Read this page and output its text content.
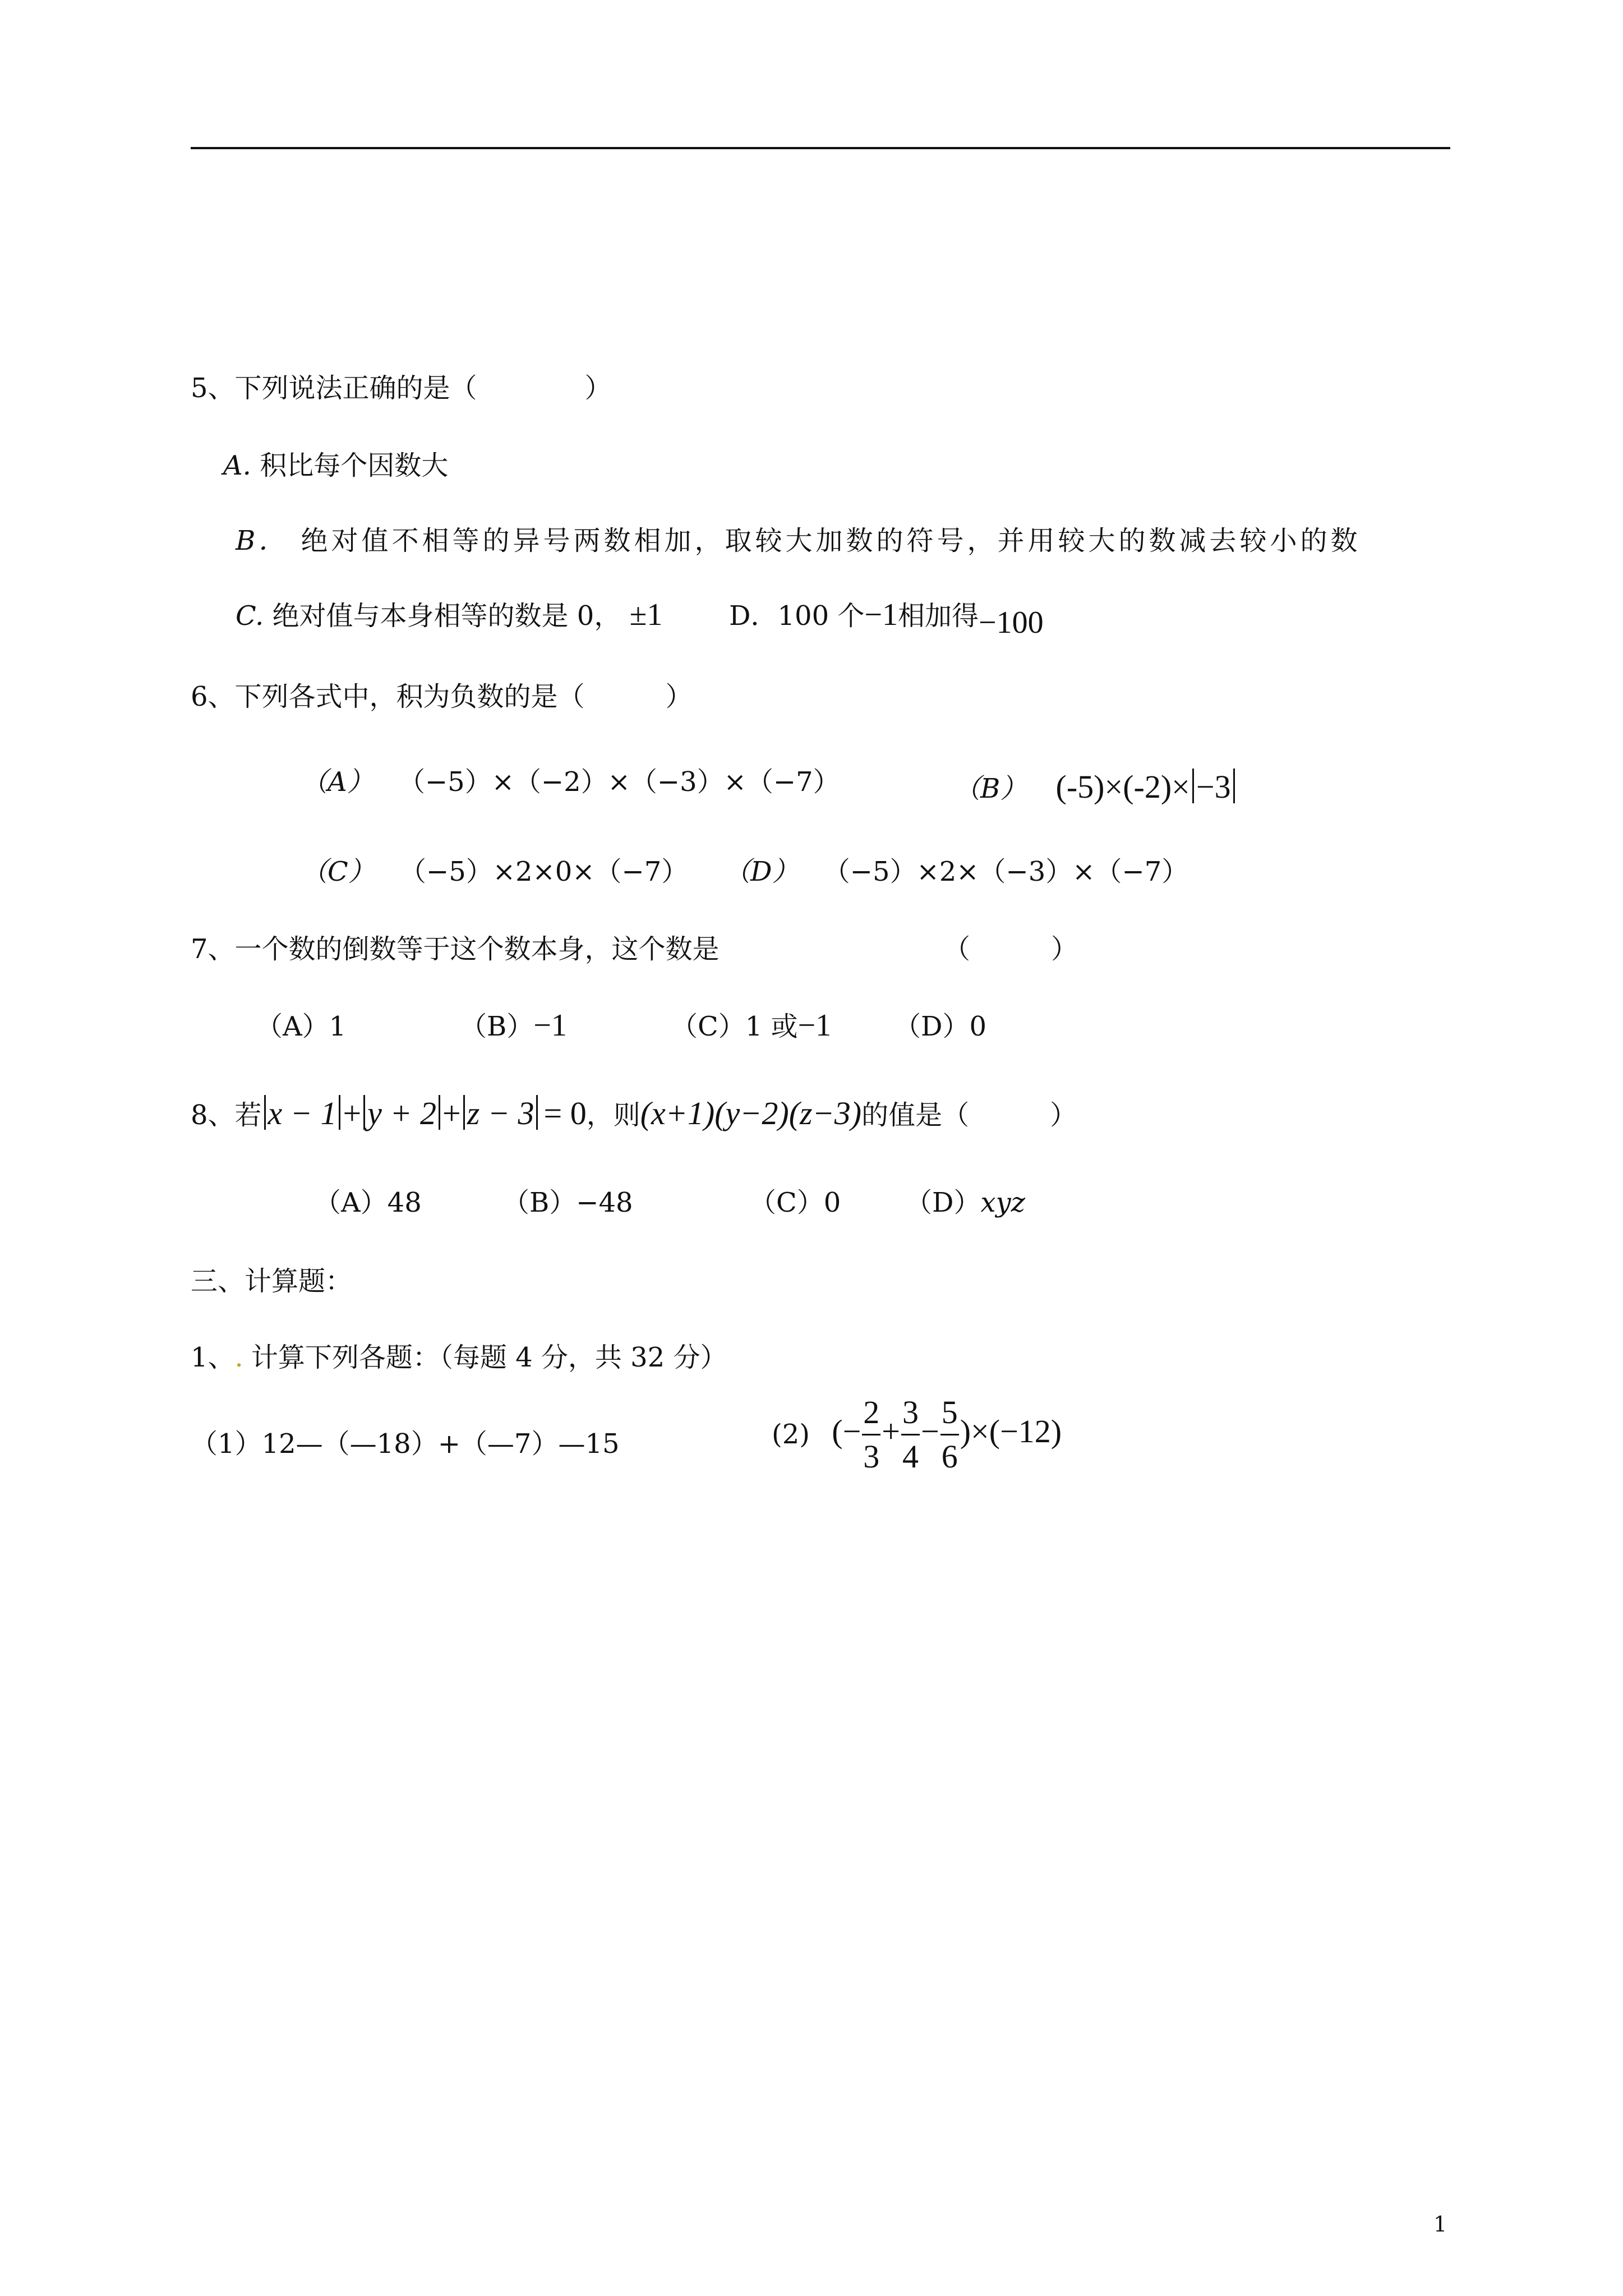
5、下列说法正确的是（　　　　）
A. 积比每个因数大
B． 绝对值不相等的异号两数相加，取较大加数的符号，并用较大的数减去较小的数
C. 绝对值与本身相等的数是 0， ±1 D．100 个−1相加得−100
6、下列各式中，积为负数的是（　　　）
（A） （−5）×（−2）×（−3）×（−7）	（B） (-5)×(-2)× −3
（C） （−5）×2×0×（−7） （D） （−5）×2×（−3）×（−7）
7、一个数的倒数等于这个数本身，这个数是	（　　　）
（A）1	（B）−1	（C）1 或−1 （D）0
8、若 x − 1 + y + 2 + z − 3 = 0，则(x+1)(y−2)(z−3)的值是（　　　）
（A）48	（B）−48	（C）0 （D）xyz
三、计算题：
1、. 计算下列各题：（每题 4 分，共 32 分）
（1）12—（—18）+（—7）—15	(2) (− $\frac{2}{3} + \frac{3}{4} - \frac{5}{6} )\times(-12)$
1
